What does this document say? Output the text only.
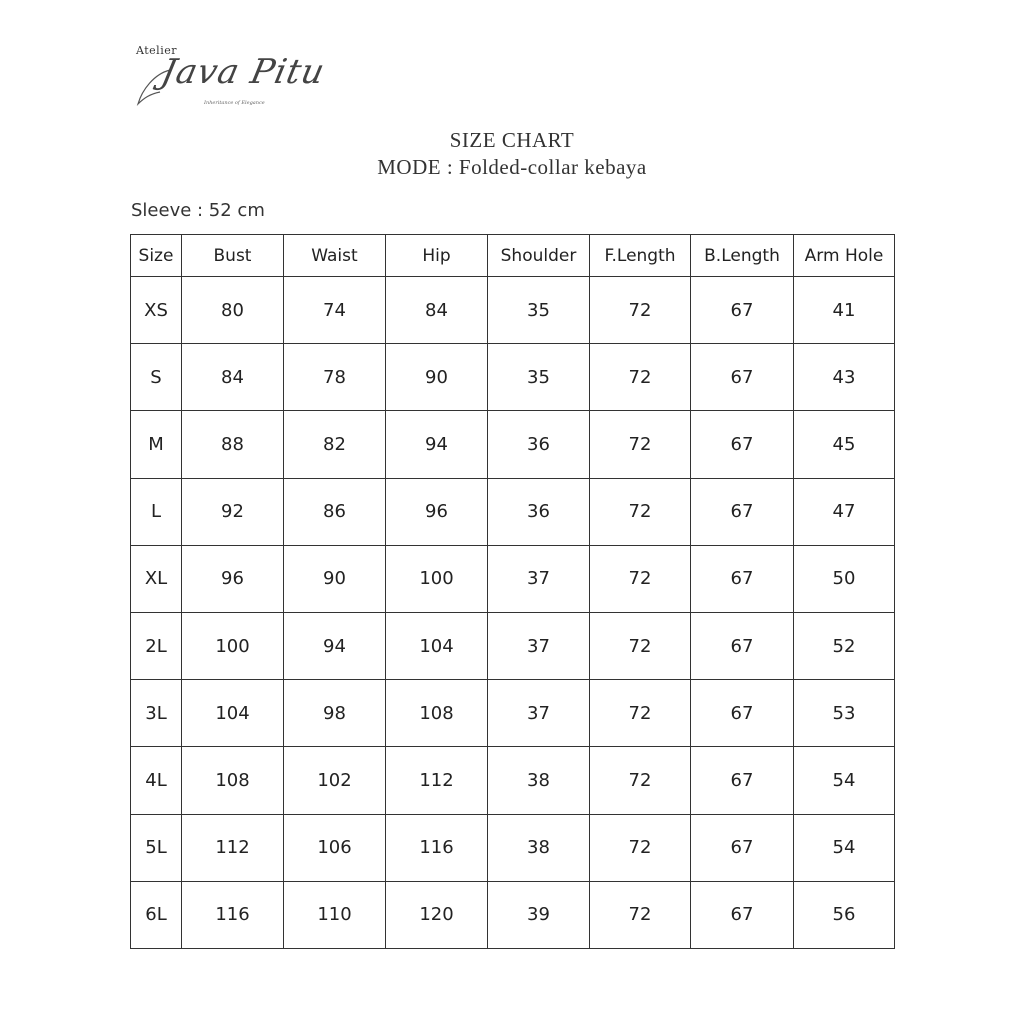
Atelier
Java Pitu
Inheritance of Elegance
SIZE CHART
MODE : Folded-collar kebaya
Sleeve : 52 cm
Size	Bust	Waist	Hip	Shoulder	F.Length	B.Length	Arm Hole
XS	80	74	84	35	72	67	41
S	84	78	90	35	72	67	43
M	88	82	94	36	72	67	45
L	92	86	96	36	72	67	47
XL	96	90	100	37	72	67	50
2L	100	94	104	37	72	67	52
3L	104	98	108	37	72	67	53
4L	108	102	112	38	72	67	54
5L	112	106	116	38	72	67	54
6L	116	110	120	39	72	67	56
